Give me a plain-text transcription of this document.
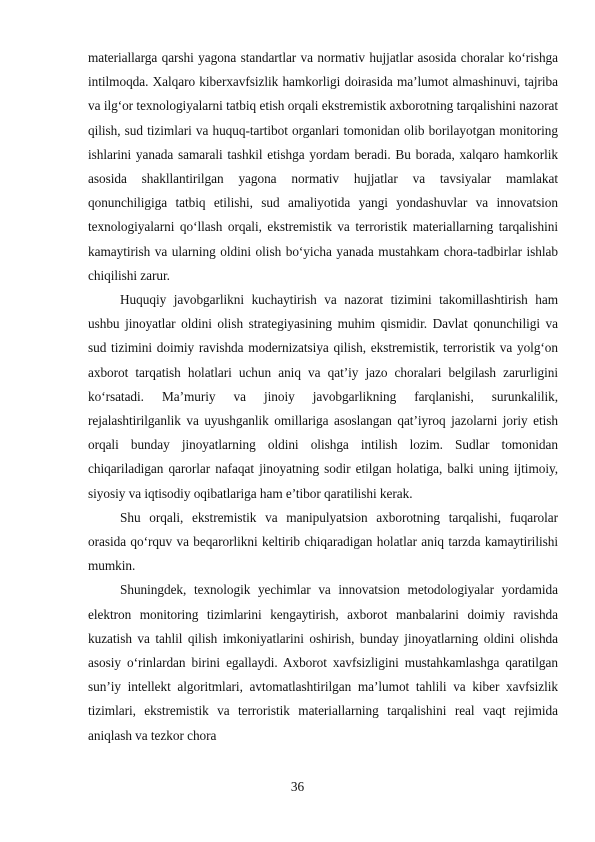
materiallarga qarshi yagona standartlar va normativ hujjatlar asosida choralar ko‘rishga intilmoqda. Xalqaro kiberxavfsizlik hamkorligi doirasida ma’lumot almashinuvi, tajriba va ilg‘or texnologiyalarni tatbiq etish orqali ekstremistik axborotning tarqalishini nazorat qilish, sud tizimlari va huquq-tartibot organlari tomonidan olib borilayotgan monitoring ishlarini yanada samarali tashkil etishga yordam beradi. Bu borada, xalqaro hamkorlik asosida shakllantirilgan yagona normativ hujjatlar va tavsiyalar mamlakat qonunchiligiga tatbiq etilishi, sud amaliyotida yangi yondashuvlar va innovatsion texnologiyalarni qo‘llash orqali, ekstremistik va terroristik materiallarning tarqalishini kamaytirish va ularning oldini olish bo‘yicha yanada mustahkam chora-tadbirlar ishlab chiqilishi zarur.

Huquqiy javobgarlikni kuchaytirish va nazorat tizimini takomillashtirish ham ushbu jinoyatlar oldini olish strategiyasining muhim qismidir. Davlat qonunchiligi va sud tizimini doimiy ravishda modernizatsiya qilish, ekstremistik, terroristik va yolg‘on axborot tarqatish holatlari uchun aniq va qat’iy jazo choralari belgilash zarurligini ko‘rsatadi. Ma’muriy va jinoiy javobgarlikning farqlanishi, surunkalilik, rejalashtirilganlik va uyushganlik omillariga asoslangan qat’iyroq jazolarni joriy etish orqali bunday jinoyatlarning oldini olishga intilish lozim. Sudlar tomonidan chiqariladigan qarorlar nafaqat jinoyatning sodir etilgan holatiga, balki uning ijtimoiy, siyosiy va iqtisodiy oqibatlariga ham e’tibor qaratilishi kerak.

Shu orqali, ekstremistik va manipulyatsion axborotning tarqalishi, fuqarolar orasida qo‘rquv va beqarorlikni keltirib chiqaradigan holatlar aniq tarzda kamaytirilishi mumkin.

Shuningdek, texnologik yechimlar va innovatsion metodologiyalar yordamida elektron monitoring tizimlarini kengaytirish, axborot manbalarini doimiy ravishda kuzatish va tahlil qilish imkoniyatlarini oshirish, bunday jinoyatlarning oldini olishda asosiy o‘rinlardan birini egallaydi. Axborot xavfsizligini mustahkamlashga qaratilgan sun’iy intellekt algoritmlari, avtomatlashtirilgan ma’lumot tahlili va kiber xavfsizlik tizimlari, ekstremistik va terroristik materiallarning tarqalishini real vaqt rejimida aniqlash va tezkor chora

36
